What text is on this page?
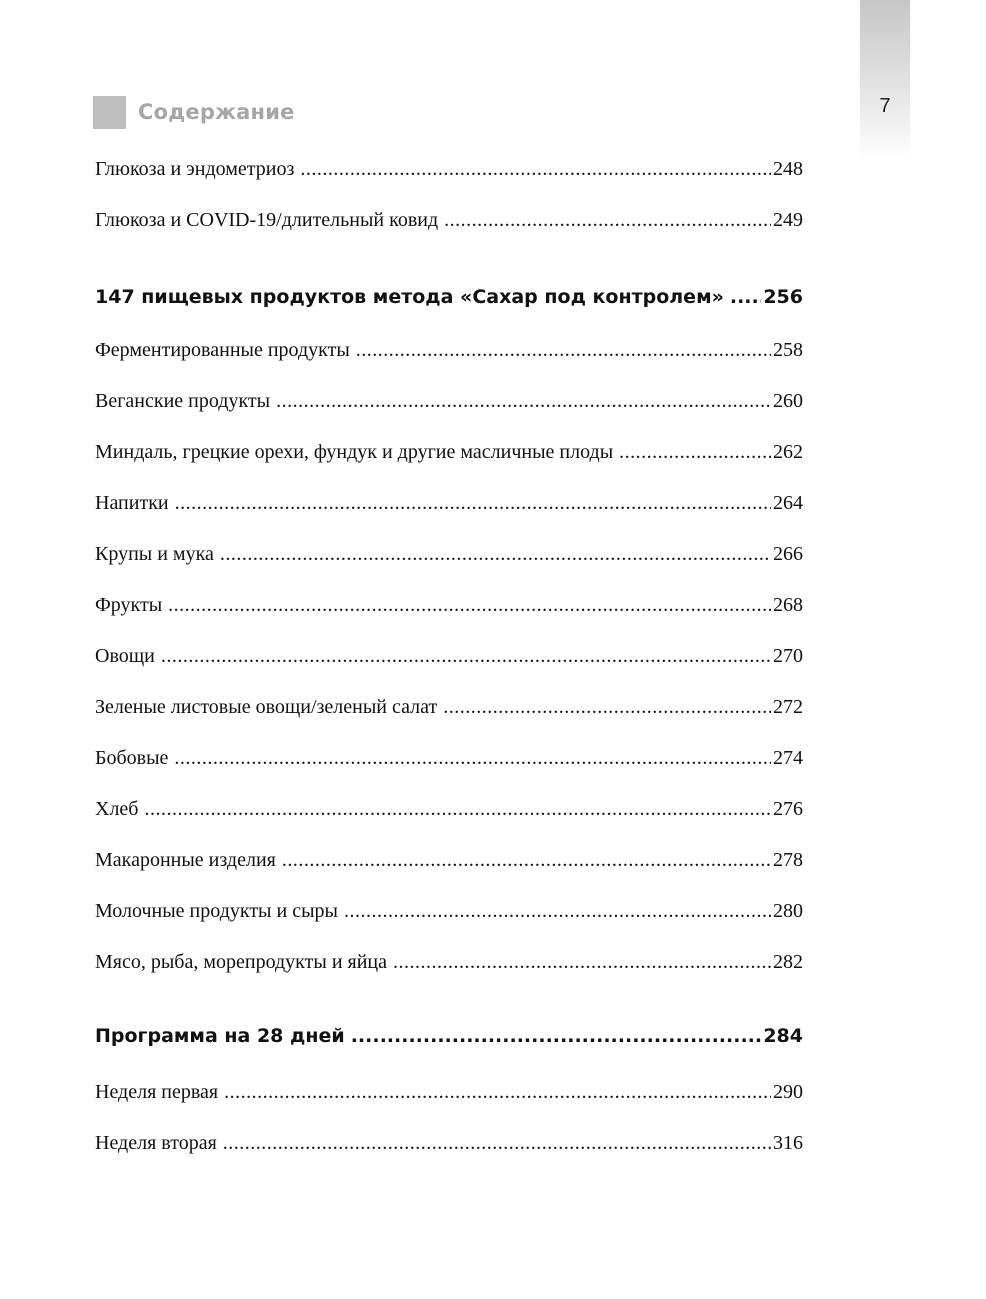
7
Содержание
Глюкоза и эндометриоз .....	248
Глюкоза и COVID-19/длительный ковид .....	249
147 пищевых продуктов метода «Сахар под контролем» ..... 256
Ферментированные продукты .....	258
Веганские продукты .....	260
Миндаль, грецкие орехи, фундук и другие масличные плоды .....	262
Напитки .....	264
Крупы и мука .....	266
Фрукты .....	268
Овощи .....	270
Зеленые листовые овощи/зеленый салат .....	272
Бобовые .....	274
Хлеб .....	276
Макаронные изделия .....	278
Молочные продукты и сыры .....	280
Мясо, рыба, морепродукты и яйца .....	282
Программа на 28 дней .....	284
Неделя первая .....	290
Неделя вторая .....	316
